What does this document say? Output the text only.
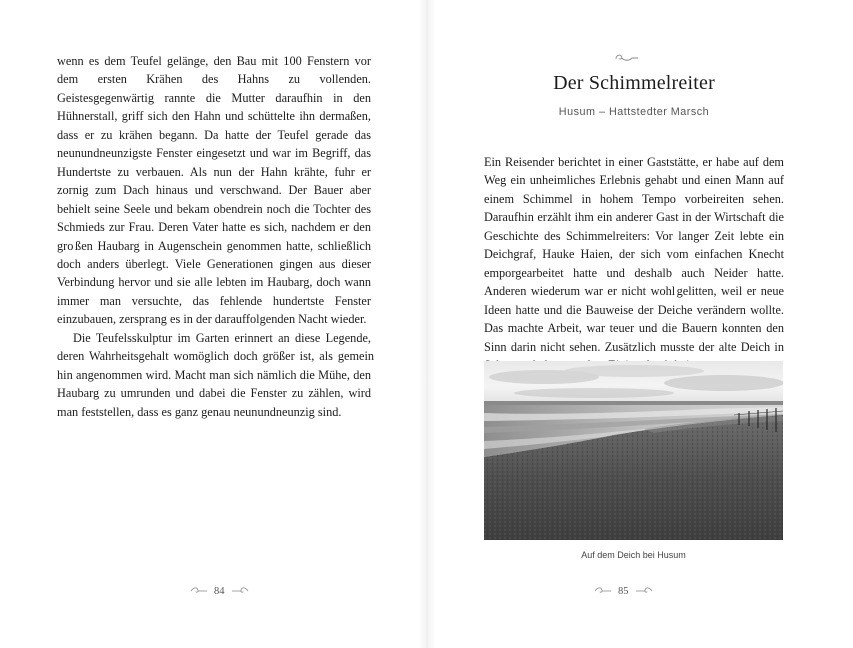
wenn es dem Teufel gelänge, den Bau mit 100 Fenstern vor dem ersten Krähen des Hahns zu vollenden. Geistesgegenwärtig rannte die Mutter daraufhin in den Hühnerstall, griff sich den Hahn und schüttelte ihn dermaßen, dass er zu krähen begann. Da hatte der Teufel gerade das neunundneunzigste Fenster eingesetzt und war im Begriff, das Hundertste zu verbauen. Als nun der Hahn krähte, fuhr er zornig zum Dach hinaus und verschwand. Der Bauer aber behielt seine Seele und bekam obendrein noch die Tochter des Schmieds zur Frau. Deren Vater hatte es sich, nachdem er den gro ßen Haubarg in Augenschein genommen hatte, schließlich doch anders überlegt. Viele Generationen gingen aus dieser Verbindung hervor und sie alle lebten im Haubarg, doch wann immer man versuchte, das fehlende hundertste Fenster einzubauen, zersprang es in der darauffolgenden Nacht wieder.

Die Teufelsskulptur im Garten erinnert an diese Legende, deren Wahrheitsgehalt womöglich doch größer ist, als gemein hin angenommen wird. Macht man sich nämlich die Mühe, den Haubarg zu umrunden und dabei die Fenster zu zählen, wird man feststellen, dass es ganz genau neunundneunzig sind.

84
Der Schimmelreiter
Husum – Hattstedter Marsch

Ein Reisender berichtet in einer Gaststätte, er habe auf dem Weg ein unheimliches Erlebnis gehabt und einen Mann auf einem Schimmel in hohem Tempo vorbeireiten sehen. Daraufhin er zählt ihm ein anderer Gast in der Wirtschaft die Geschichte des Schimmelreiters: Vor langer Zeit lebte ein Deichgraf, Hauke Haien, der sich vom einfachen Knecht emporgearbeitet hatte und deshalb auch Neider hatte. Anderen wiederum war er nicht wohl gelitten, weil er neue Ideen hatte und die Bauweise der Deiche verändern wollte. Das machte Arbeit, war teuer und die Bauern konnten den Sinn darin nicht sehen. Zusätzlich musste der alte Deich in

Auf dem Deich bei Husum
85
